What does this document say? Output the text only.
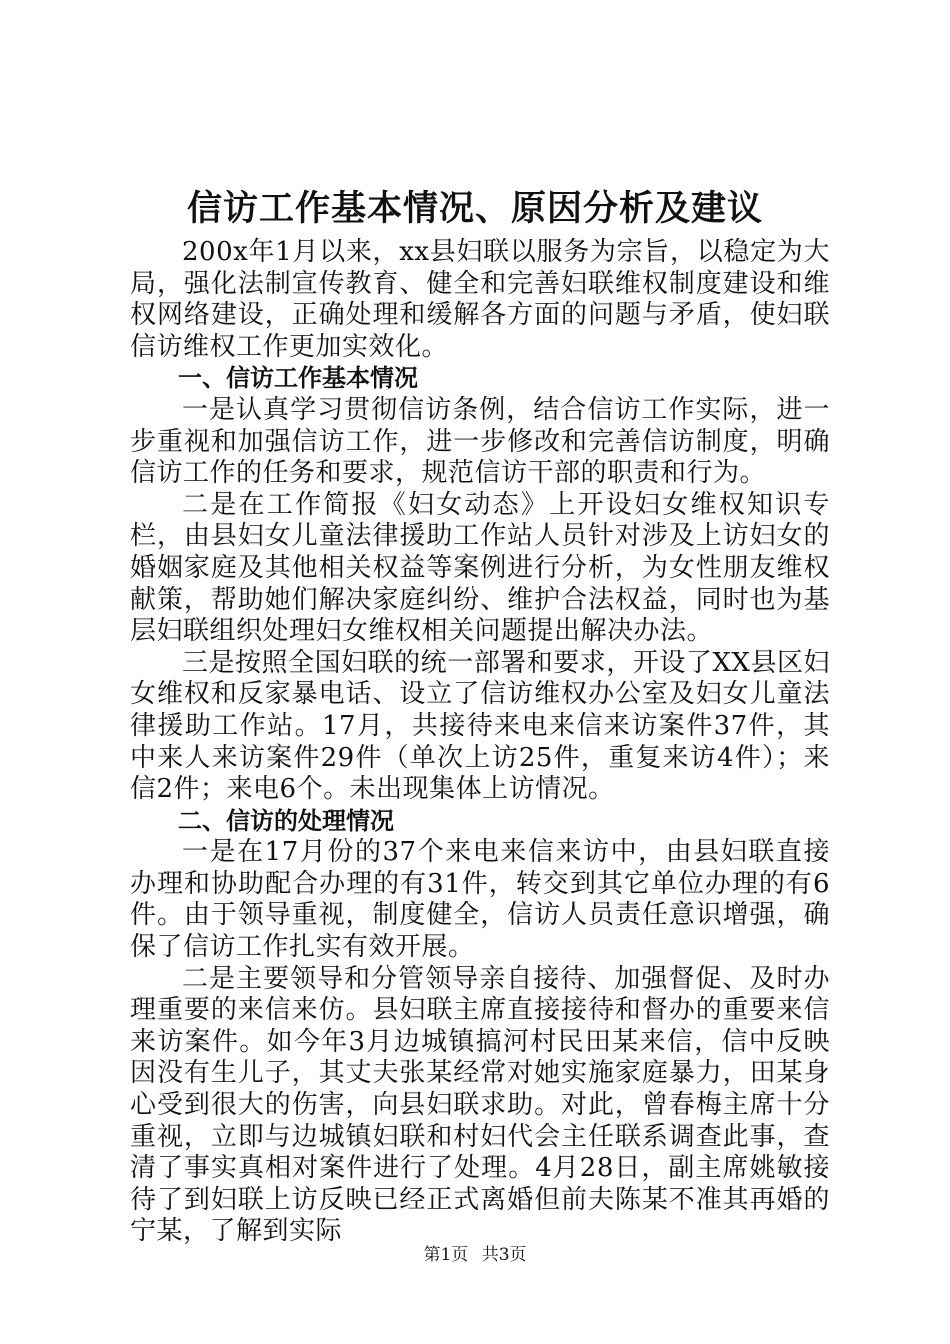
信访工作基本情况、原因分析及建议

200x年1月以来，xx县妇联以服务为宗旨，以稳定为大局，强化法制宣传教育、健全和完善妇联维权制度建设和维权网络建设，正确处理和缓解各方面的问题与矛盾，使妇联信访维权工作更加实效化。

一、信访工作基本情况

一是认真学习贯彻信访条例，结合信访工作实际，进一步重视和加强信访工作，进一步修改和完善信访制度，明确信访工作的任务和要求，规范信访干部的职责和行为。

二是在工作简报《妇女动态》上开设妇女维权知识专栏，由县妇女儿童法律援助工作站人员针对涉及上访妇女的婚姻家庭及其他相关权益等案例进行分析，为女性朋友维权献策，帮助她们解决家庭纠纷、维护合法权益，同时也为基层妇联组织处理妇女维权相关问题提出解决办法。

三是按照全国妇联的统一部署和要求，开设了XX县区妇女维权和反家暴电话、设立了信访维权办公室及妇女儿童法律援助工作站。17月，共接待来电来信来访案件37件，其中来人来访案件29件（单次上访25件，重复来访4件）；来信2件；来电6个。未出现集体上访情况。

二、信访的处理情况

一是在17月份的37个来电来信来访中，由县妇联直接办理和协助配合办理的有31件，转交到其它单位办理的有6件。由于领导重视，制度健全，信访人员责任意识增强，确保了信访工作扎实有效开展。

二是主要领导和分管领导亲自接待、加强督促、及时办理重要的来信来仿。县妇联主席直接接待和督办的重要来信来访案件。如今年3月边城镇搞河村民田某来信，信中反映因没有生儿子，其丈夫张某经常对她实施家庭暴力，田某身心受到很大的伤害，向县妇联求助。对此，曾春梅主席十分重视，立即与边城镇妇联和村妇代会主任联系调查此事，查清了事实真相对案件进行了处理。4月28日，副主席姚敏接待了到妇联上访反映已经正式离婚但前夫陈某不准其再婚的宁某，了解到实际

第1页 共3页
